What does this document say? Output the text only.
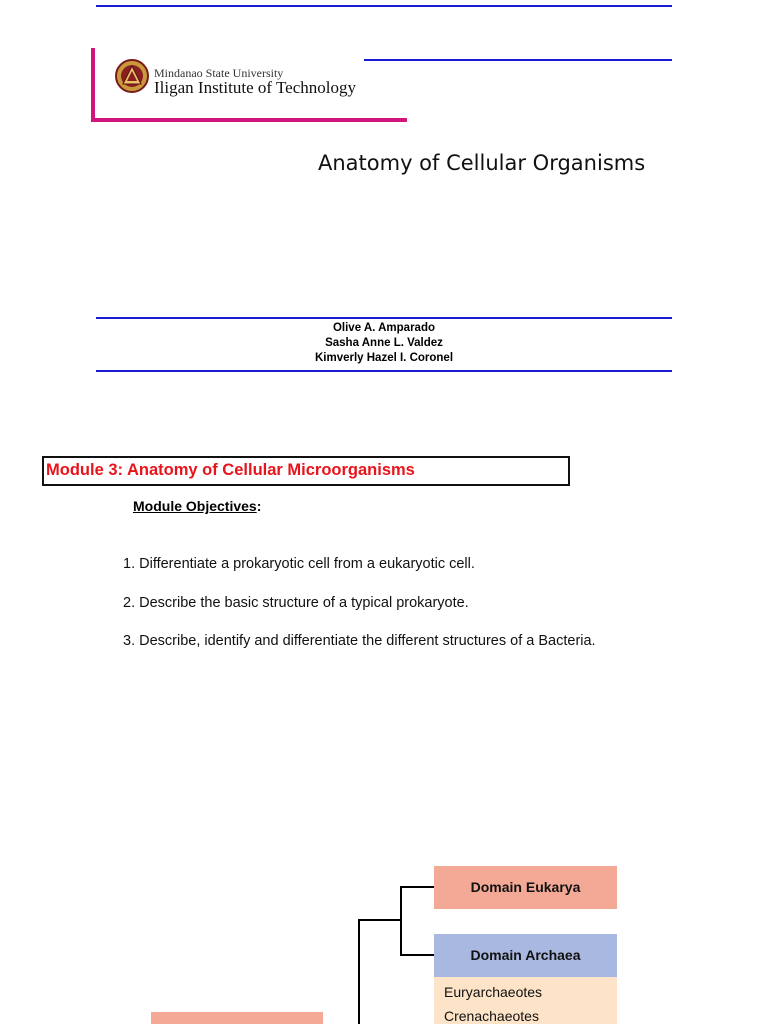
Mindanao State University
Iligan Institute of Technology
Anatomy of Cellular Organisms
Olive A. Amparado
Sasha Anne L. Valdez
Kimverly Hazel I. Coronel
Module 3: Anatomy of Cellular Microorganisms
Module Objectives:
1. Differentiate a prokaryotic cell from a eukaryotic cell.
2. Describe the basic structure of a typical prokaryote.
3. Describe, identify and differentiate the different structures of a Bacteria.
Domain Eukarya
Domain Archaea
Euryarchaeotes
Crenachaeotes
